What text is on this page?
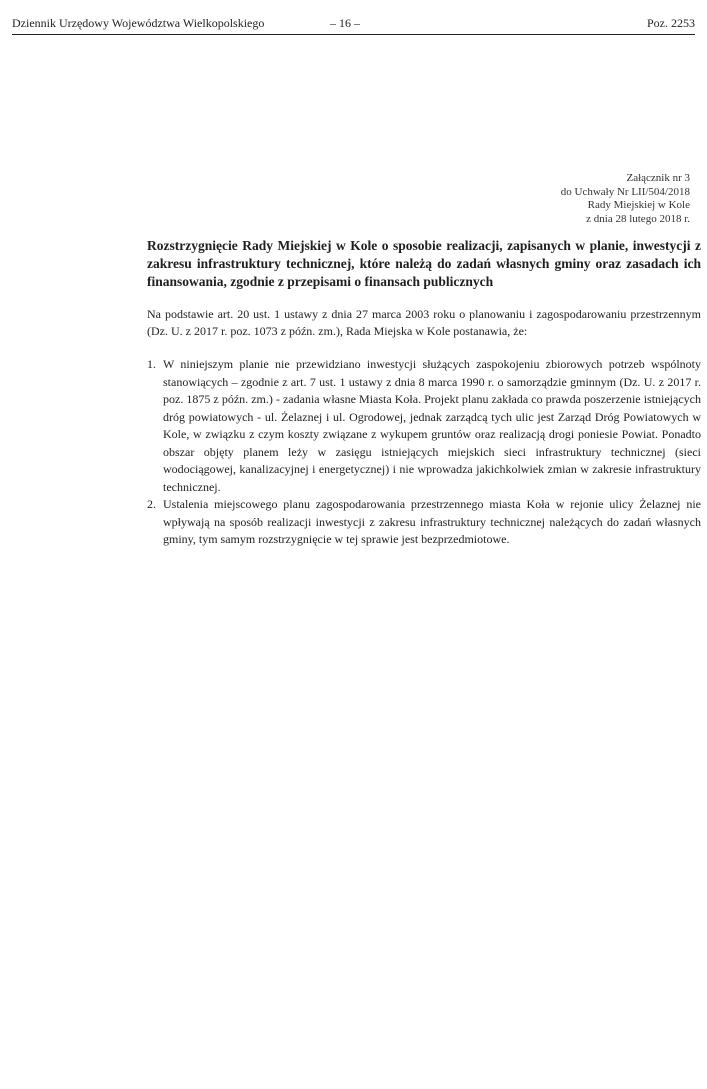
Dziennik Urzędowy Województwa Wielkopolskiego	– 16 –	Poz. 2253
Załącznik nr 3
do Uchwały Nr LII/504/2018
Rady Miejskiej w Kole
z dnia 28 lutego 2018 r.
Rozstrzygnięcie Rady Miejskiej w Kole o sposobie realizacji, zapisanych w planie, inwestycji z zakresu infrastruktury technicznej, które należą do zadań własnych gminy oraz zasadach ich finansowania, zgodnie z przepisami o finansach publicznych

Na podstawie art. 20 ust. 1 ustawy z dnia 27 marca 2003 roku o planowaniu i zagospodarowaniu przestrzennym (Dz. U. z 2017 r. poz. 1073 z późn. zm.), Rada Miejska w Kole postanawia, że:

1. W niniejszym planie nie przewidziano inwestycji służących zaspokojeniu zbiorowych potrzeb wspólnoty stanowiących – zgodnie z art. 7 ust. 1 ustawy z dnia 8 marca 1990 r. o samorządzie gminnym (Dz. U. z 2017 r. poz. 1875 z późn. zm.) - zadania własne Miasta Koła. Projekt planu zakłada co prawda poszerzenie istniejących dróg powiatowych - ul. Żelaznej i ul. Ogrodowej, jednak zarządcą tych ulic jest Zarząd Dróg Powiatowych w Kole, w związku z czym koszty związane z wykupem gruntów oraz realizacją drogi poniesie Powiat. Ponadto obszar objęty planem leży w zasięgu istniejących miejskich sieci infrastruktury technicznej (sieci wodociągowej, kanalizacyjnej i energetycznej) i nie wprowadza jakichkolwiek zmian w zakresie infrastruktury technicznej.
2. Ustalenia miejscowego planu zagospodarowania przestrzennego miasta Koła w rejonie ulicy Żelaznej nie wpływają na sposób realizacji inwestycji z zakresu infrastruktury technicznej należących do zadań własnych gminy, tym samym rozstrzygnięcie w tej sprawie jest bezprzedmiotowe.
